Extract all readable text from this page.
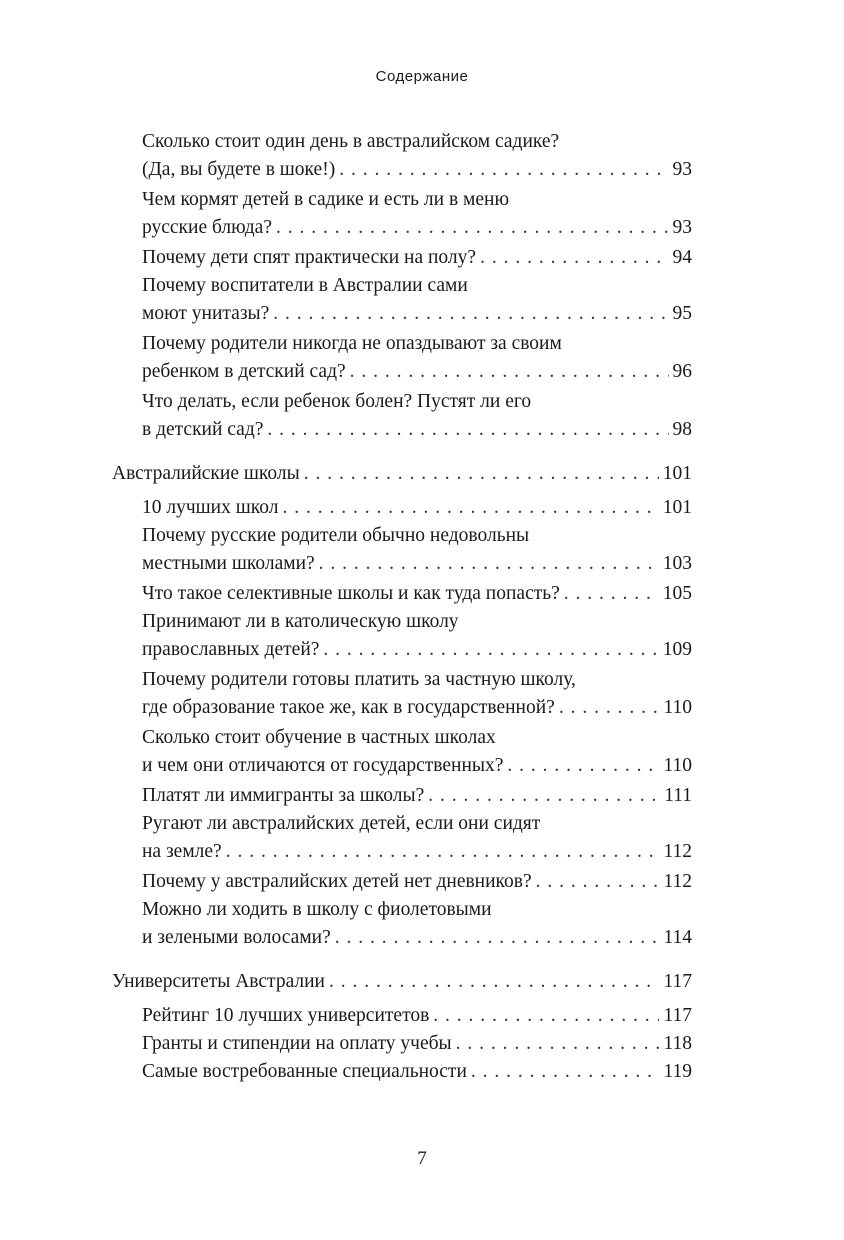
Содержание
Сколько стоит один день в австралийском садике?
(Да, вы будете в шоке!) . . .	93
Чем кормят детей в садике и есть ли в меню
русские блюда? . . .	93
Почему дети спят практически на полу? . . .	94
Почему воспитатели в Австралии сами
моют унитазы? . . .	95
Почему родители никогда не опаздывают за своим
ребенком в детский сад? . . .	96
Что делать, если ребенок болен? Пустят ли его
в детский сад? . . .	98
Австралийские школы . . .	101
10 лучших школ . . .	101
Почему русские родители обычно недовольны
местными школами? . . .	103
Что такое селективные школы и как туда попасть? . . .	105
Принимают ли в католическую школу
православных детей? . . .	109
Почему родители готовы платить за частную школу,
где образование такое же, как в государственной? . . .	110
Сколько стоит обучение в частных школах
и чем они отличаются от государственных? . . .	110
Платят ли иммигранты за школы? . . .	111
Ругают ли австралийских детей, если они сидят
на земле? . . .	112
Почему у австралийских детей нет дневников? . . .	112
Можно ли ходить в школу с фиолетовыми
и зелеными волосами? . . .	114
Университеты Австралии . . .	117
Рейтинг 10 лучших университетов . . .	117
Гранты и стипендии на оплату учебы . . .	118
Самые востребованные специальности . . .	119
7
